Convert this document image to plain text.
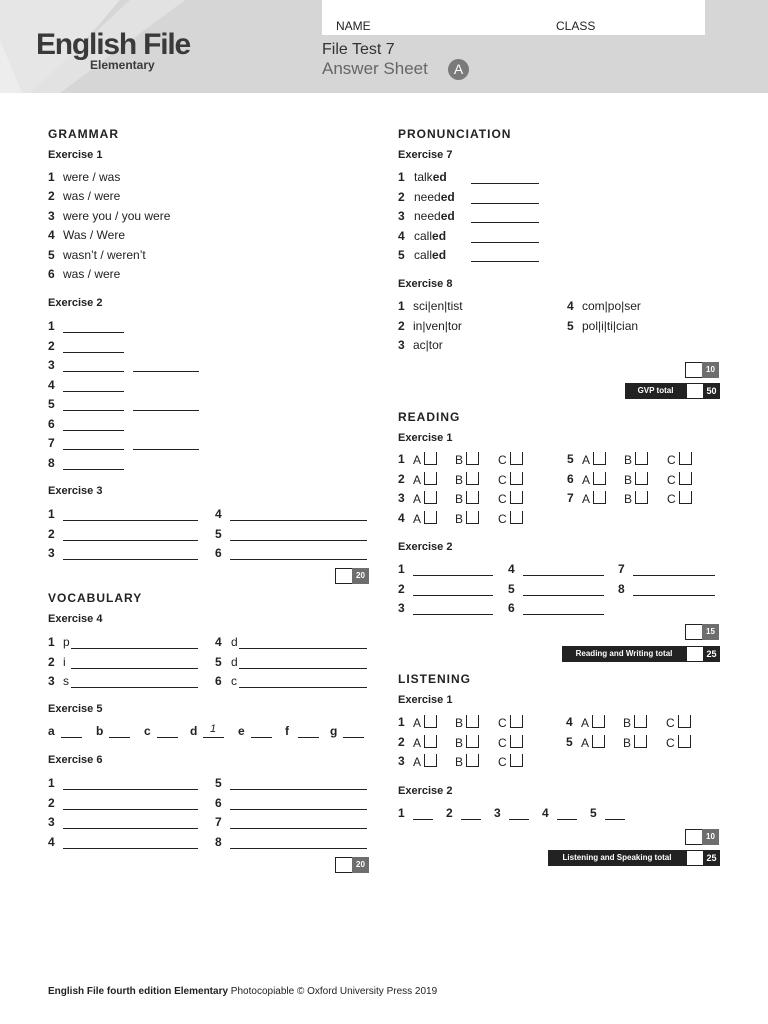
English File
Elementary
NAME	CLASS
File Test 7
Answer Sheet	A
GRAMMAR
Exercise 1
1 were / was
2 was / were
3 were you / you were
4 Was / Were
5 wasn’t / weren’t
6 was / were
Exercise 2
1
2
3
4
5
6
7
8
Exercise 3
1
2
3
4
5
6
20
VOCABULARY
Exercise 4
1 p
2 i
3 s
4 d
5 d
6 c
Exercise 5
a	b	c	d 1 e	f	g
Exercise 6
1
2
3
4
5
6
7
8
20
PRONUNCIATION
Exercise 7
1 talked
2 needed
3 needed
4 called
5 called
Exercise 8
1 sci|en|tist
2 in|ven|tor
3 ac|tor
4 com|po|ser
5 pol|i|ti|cian
10
GVP total	50
READING
Exercise 1
1 A	B	C
2 A	B	C
3 A	B	C
4 A	B	C
5 A	B	C
6 A	B	C
7 A	B	C
Exercise 2
1
2
3
4
5
6
7
8
15
Reading and Writing total	25
LISTENING
Exercise 1
1 A	B	C
2 A	B	C
3 A	B	C
4 A	B	C
5 A	B	C
Exercise 2
1	2	3	4	5
10
Listening and Speaking total	25
English File fourth edition Elementary Photocopiable © Oxford University Press 2019
